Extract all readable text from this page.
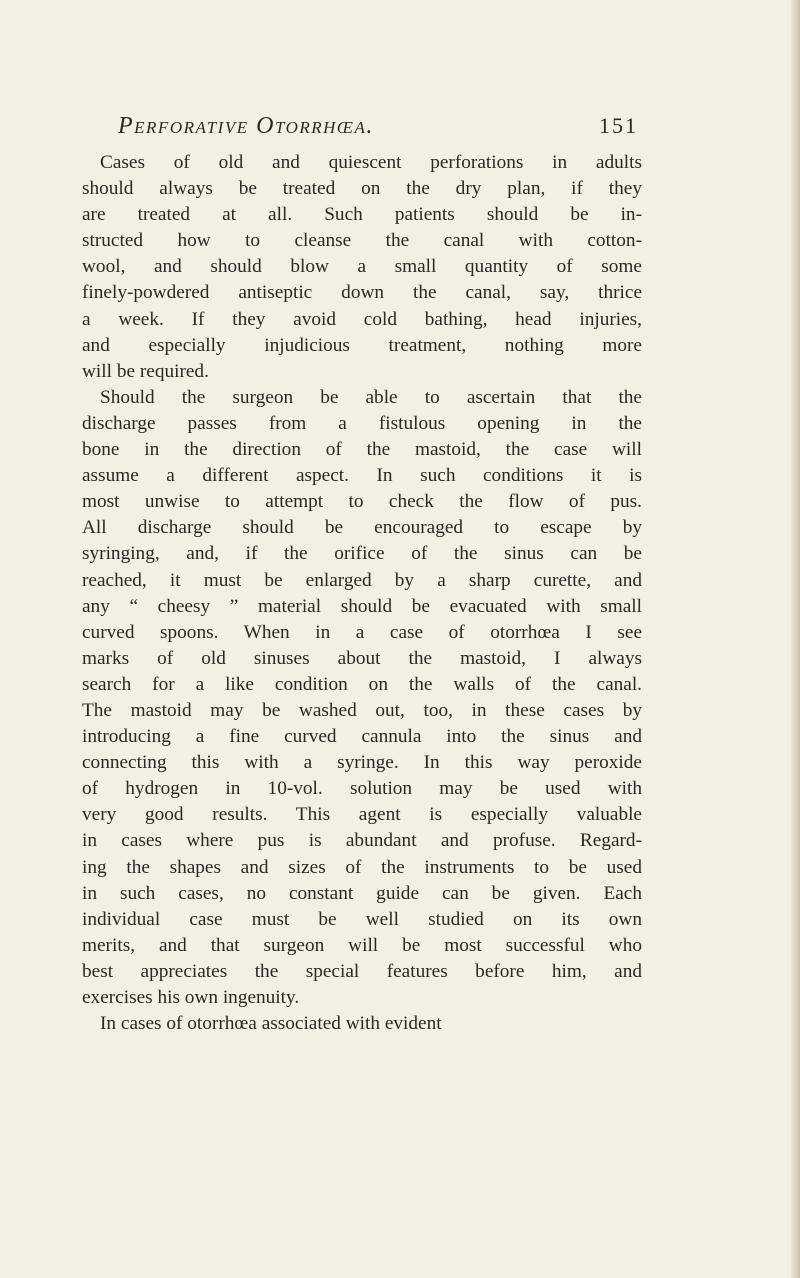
Perforative Otorrhœa.	151
Cases of old and quiescent perforations in adults
should always be treated on the dry plan, if they
are treated at all. Such patients should be in-
structed how to cleanse the canal with cotton-
wool, and should blow a small quantity of some
finely-powdered antiseptic down the canal, say, thrice
a week. If they avoid cold bathing, head injuries,
and especially injudicious treatment, nothing more
will be required.
Should the surgeon be able to ascertain that the
discharge passes from a fistulous opening in the
bone in the direction of the mastoid, the case will
assume a different aspect. In such conditions it is
most unwise to attempt to check the flow of pus.
All discharge should be encouraged to escape by
syringing, and, if the orifice of the sinus can be
reached, it must be enlarged by a sharp curette, and
any “ cheesy ” material should be evacuated with small
curved spoons. When in a case of otorrhœa I see
marks of old sinuses about the mastoid, I always
search for a like condition on the walls of the canal.
The mastoid may be washed out, too, in these cases by
introducing a fine curved cannula into the sinus and
connecting this with a syringe. In this way peroxide
of hydrogen in 10-vol. solution may be used with
very good results. This agent is especially valuable
in cases where pus is abundant and profuse. Regard-
ing the shapes and sizes of the instruments to be used
in such cases, no constant guide can be given. Each
individual case must be well studied on its own
merits, and that surgeon will be most successful who
best appreciates the special features before him, and
exercises his own ingenuity.
In cases of otorrhœa associated with evident
